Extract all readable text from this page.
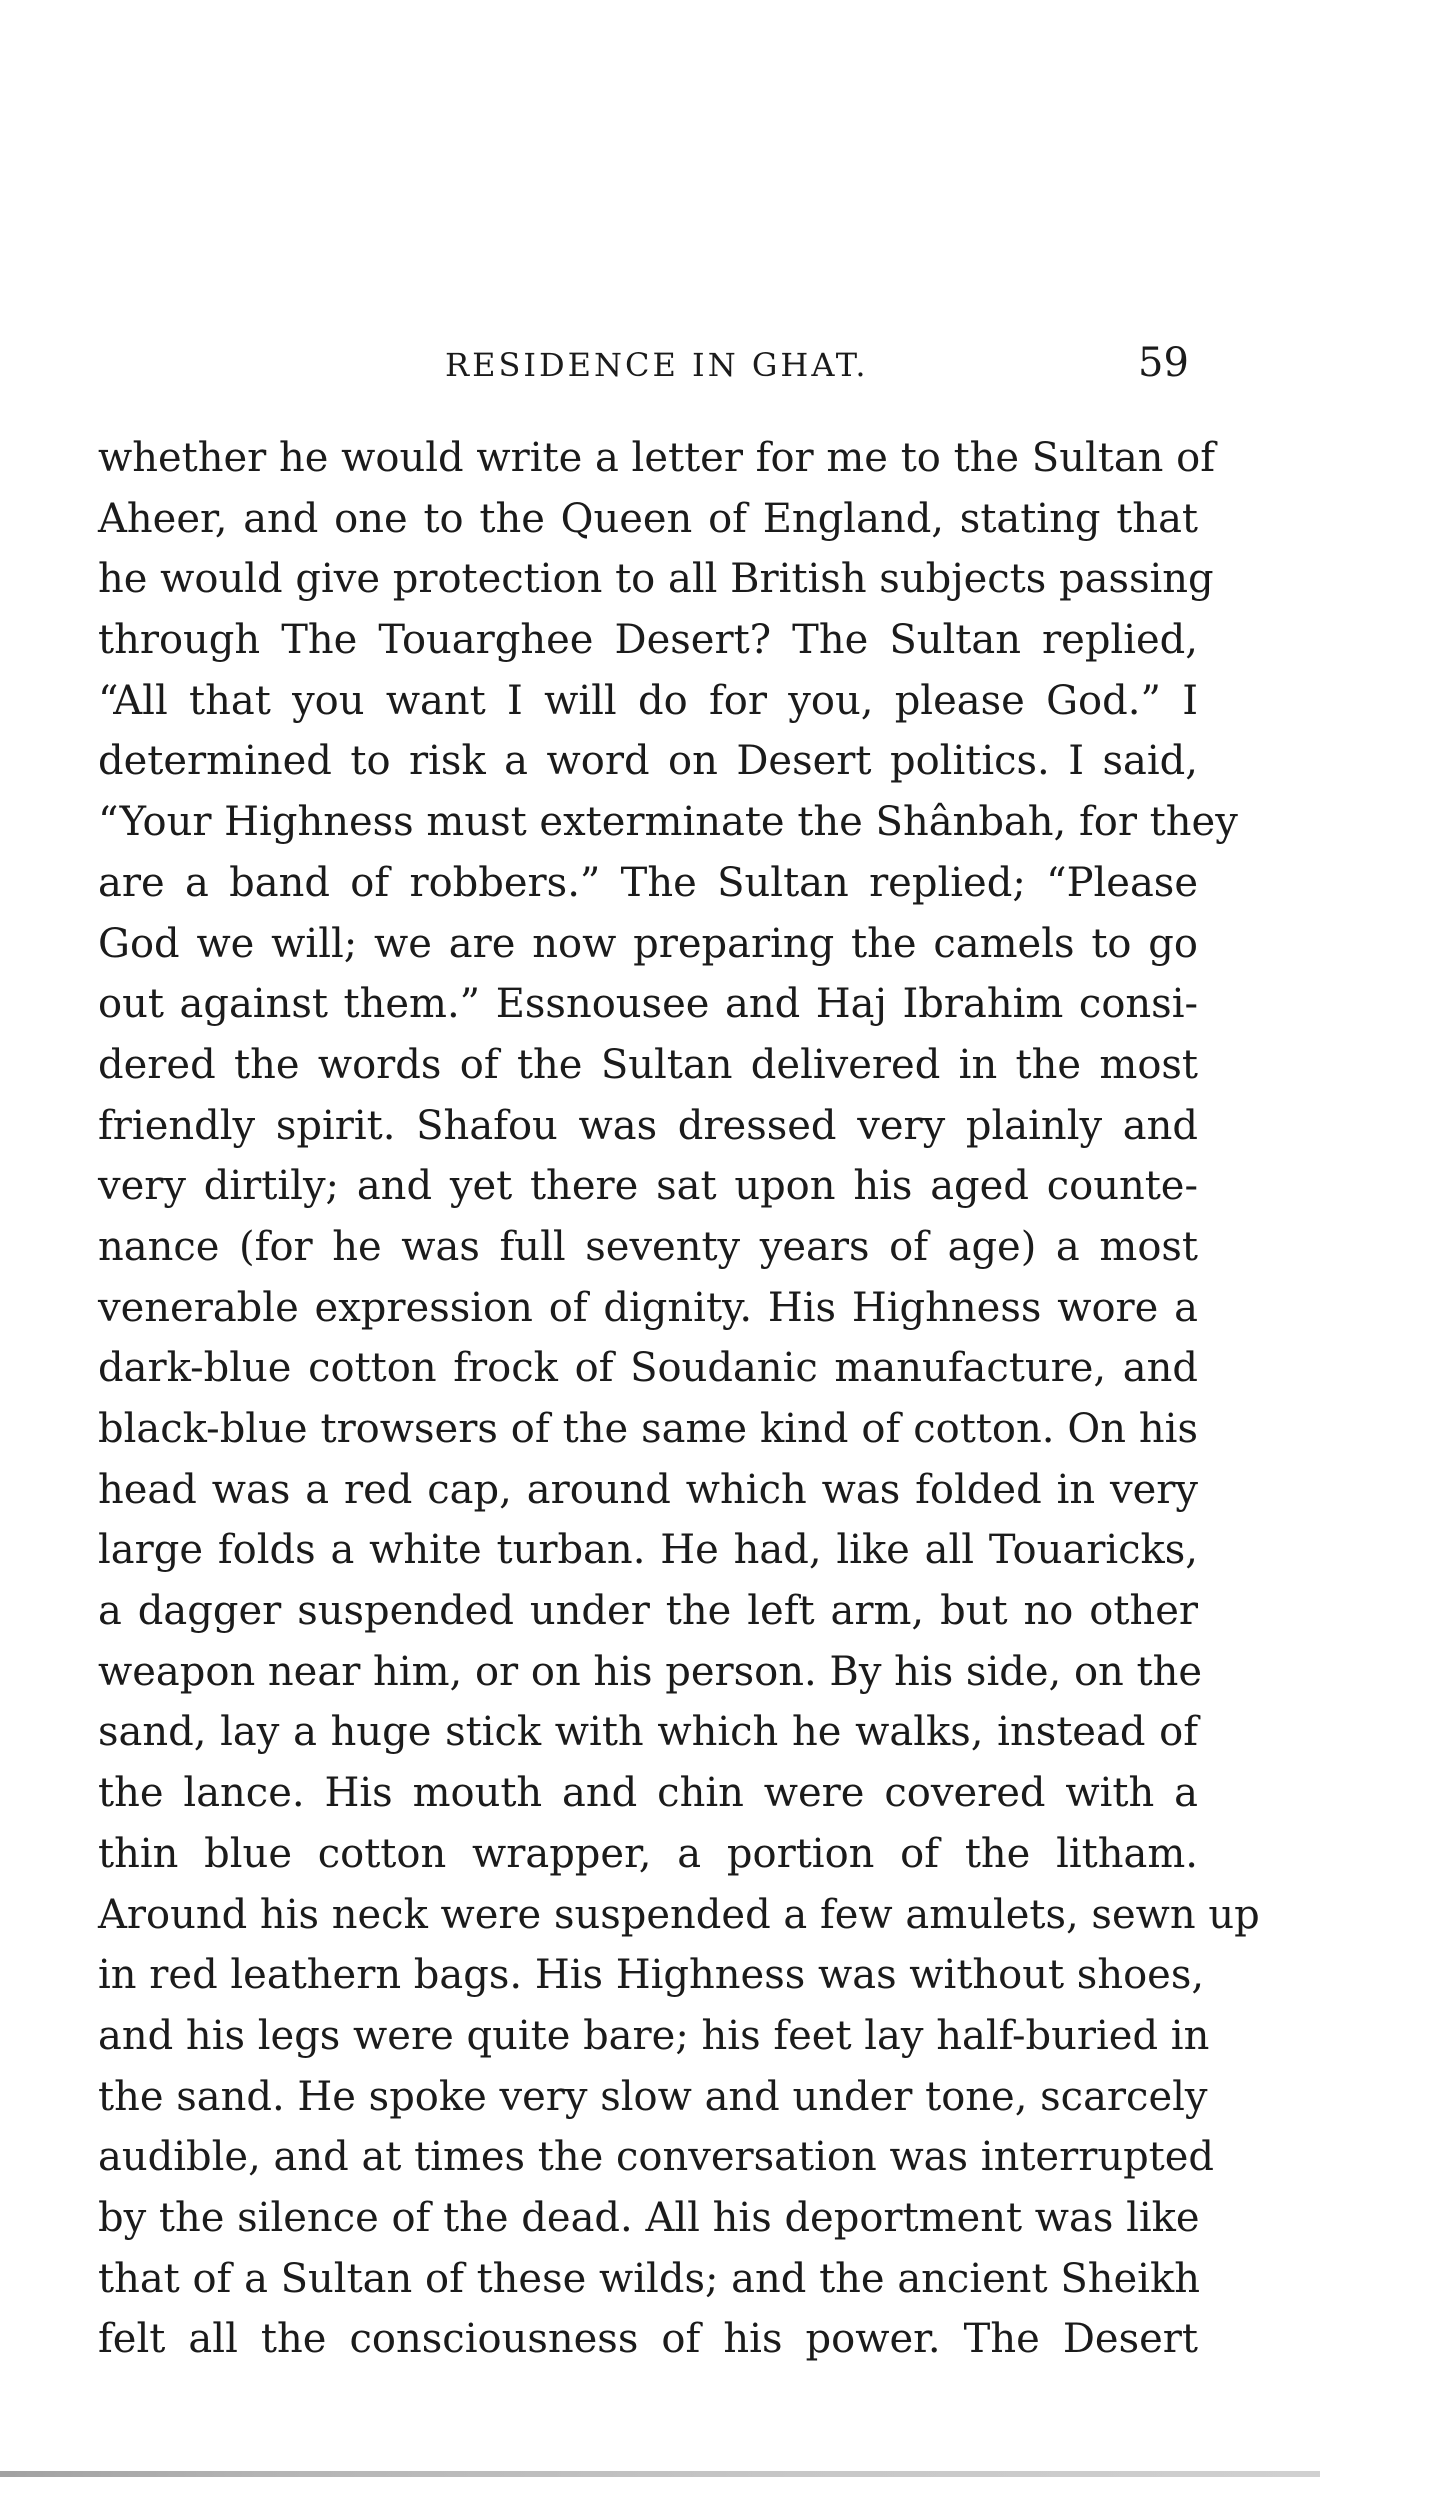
RESIDENCE IN GHAT.	59
whether he would write a letter for me to the Sultan of
Aheer, and one to the Queen of England, stating that
he would give protection to all British subjects passing
through The Touarghee Desert? The Sultan replied,
“All that you want I will do for you, please God.” I
determined to risk a word on Desert politics. I said,
“Your Highness must exterminate the Shânbah, for they
are a band of robbers.” The Sultan replied; “Please
God we will; we are now preparing the camels to go
out against them.” Essnousee and Haj Ibrahim consi-
dered the words of the Sultan delivered in the most
friendly spirit. Shafou was dressed very plainly and
very dirtily; and yet there sat upon his aged counte-
nance (for he was full seventy years of age) a most
venerable expression of dignity. His Highness wore a
dark-blue cotton frock of Soudanic manufacture, and
black-blue trowsers of the same kind of cotton. On his
head was a red cap, around which was folded in very
large folds a white turban. He had, like all Touaricks,
a dagger suspended under the left arm, but no other
weapon near him, or on his person. By his side, on the
sand, lay a huge stick with which he walks, instead of
the lance. His mouth and chin were covered with a
thin blue cotton wrapper, a portion of the litham.
Around his neck were suspended a few amulets, sewn up
in red leathern bags. His Highness was without shoes,
and his legs were quite bare; his feet lay half-buried in
the sand. He spoke very slow and under tone, scarcely
audible, and at times the conversation was interrupted
by the silence of the dead. All his deportment was like
that of a Sultan of these wilds; and the ancient Sheikh
felt all the consciousness of his power. The Desert
